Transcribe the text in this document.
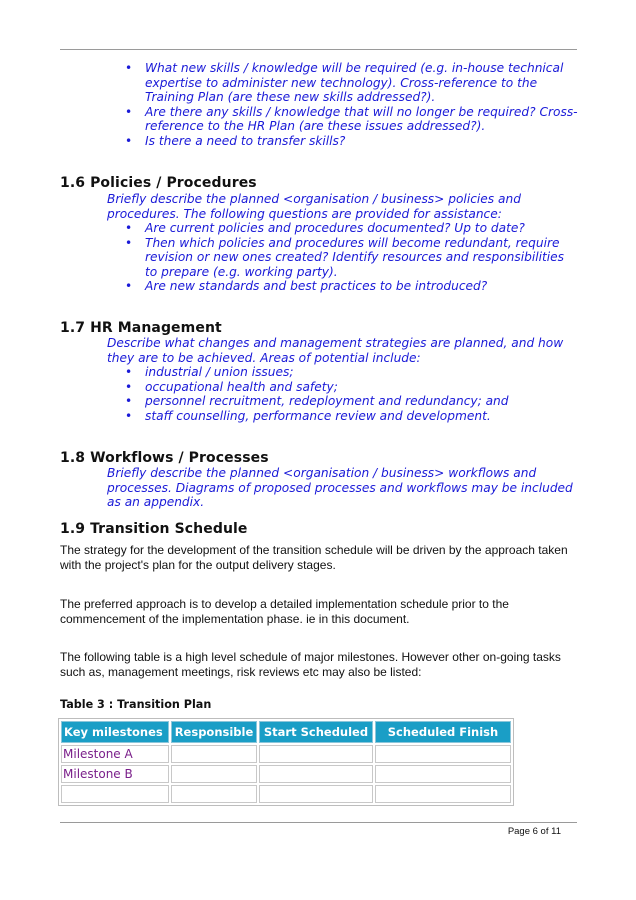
• What new skills / knowledge will be required (e.g. in-house technical expertise to administer new technology). Cross-reference to the Training Plan (are these new skills addressed?).
• Are there any skills / knowledge that will no longer be required? Cross-reference to the HR Plan (are these issues addressed?).
• Is there a need to transfer skills?
1.6 Policies / Procedures
Briefly describe the planned <organisation / business> policies and procedures. The following questions are provided for assistance:
• Are current policies and procedures documented? Up to date?
• Then which policies and procedures will become redundant, require revision or new ones created? Identify resources and responsibilities to prepare (e.g. working party).
• Are new standards and best practices to be introduced?
1.7 HR Management
Describe what changes and management strategies are planned, and how they are to be achieved. Areas of potential include:
• industrial / union issues;
• occupational health and safety;
• personnel recruitment, redeployment and redundancy; and
• staff counselling, performance review and development.
1.8 Workflows / Processes
Briefly describe the planned <organisation / business> workflows and processes. Diagrams of proposed processes and workflows may be included as an appendix.
1.9 Transition Schedule
The strategy for the development of the transition schedule will be driven by the approach taken with the project's plan for the output delivery stages.
The preferred approach is to develop a detailed implementation schedule prior to the commencement of the implementation phase. ie in this document.
The following table is a high level schedule of major milestones. However other on-going tasks such as, management meetings, risk reviews etc may also be listed:
Table 3 : Transition Plan
Key milestones	Responsible	Start Scheduled	Scheduled Finish
Milestone A			
Milestone B			

Page 6 of 11
